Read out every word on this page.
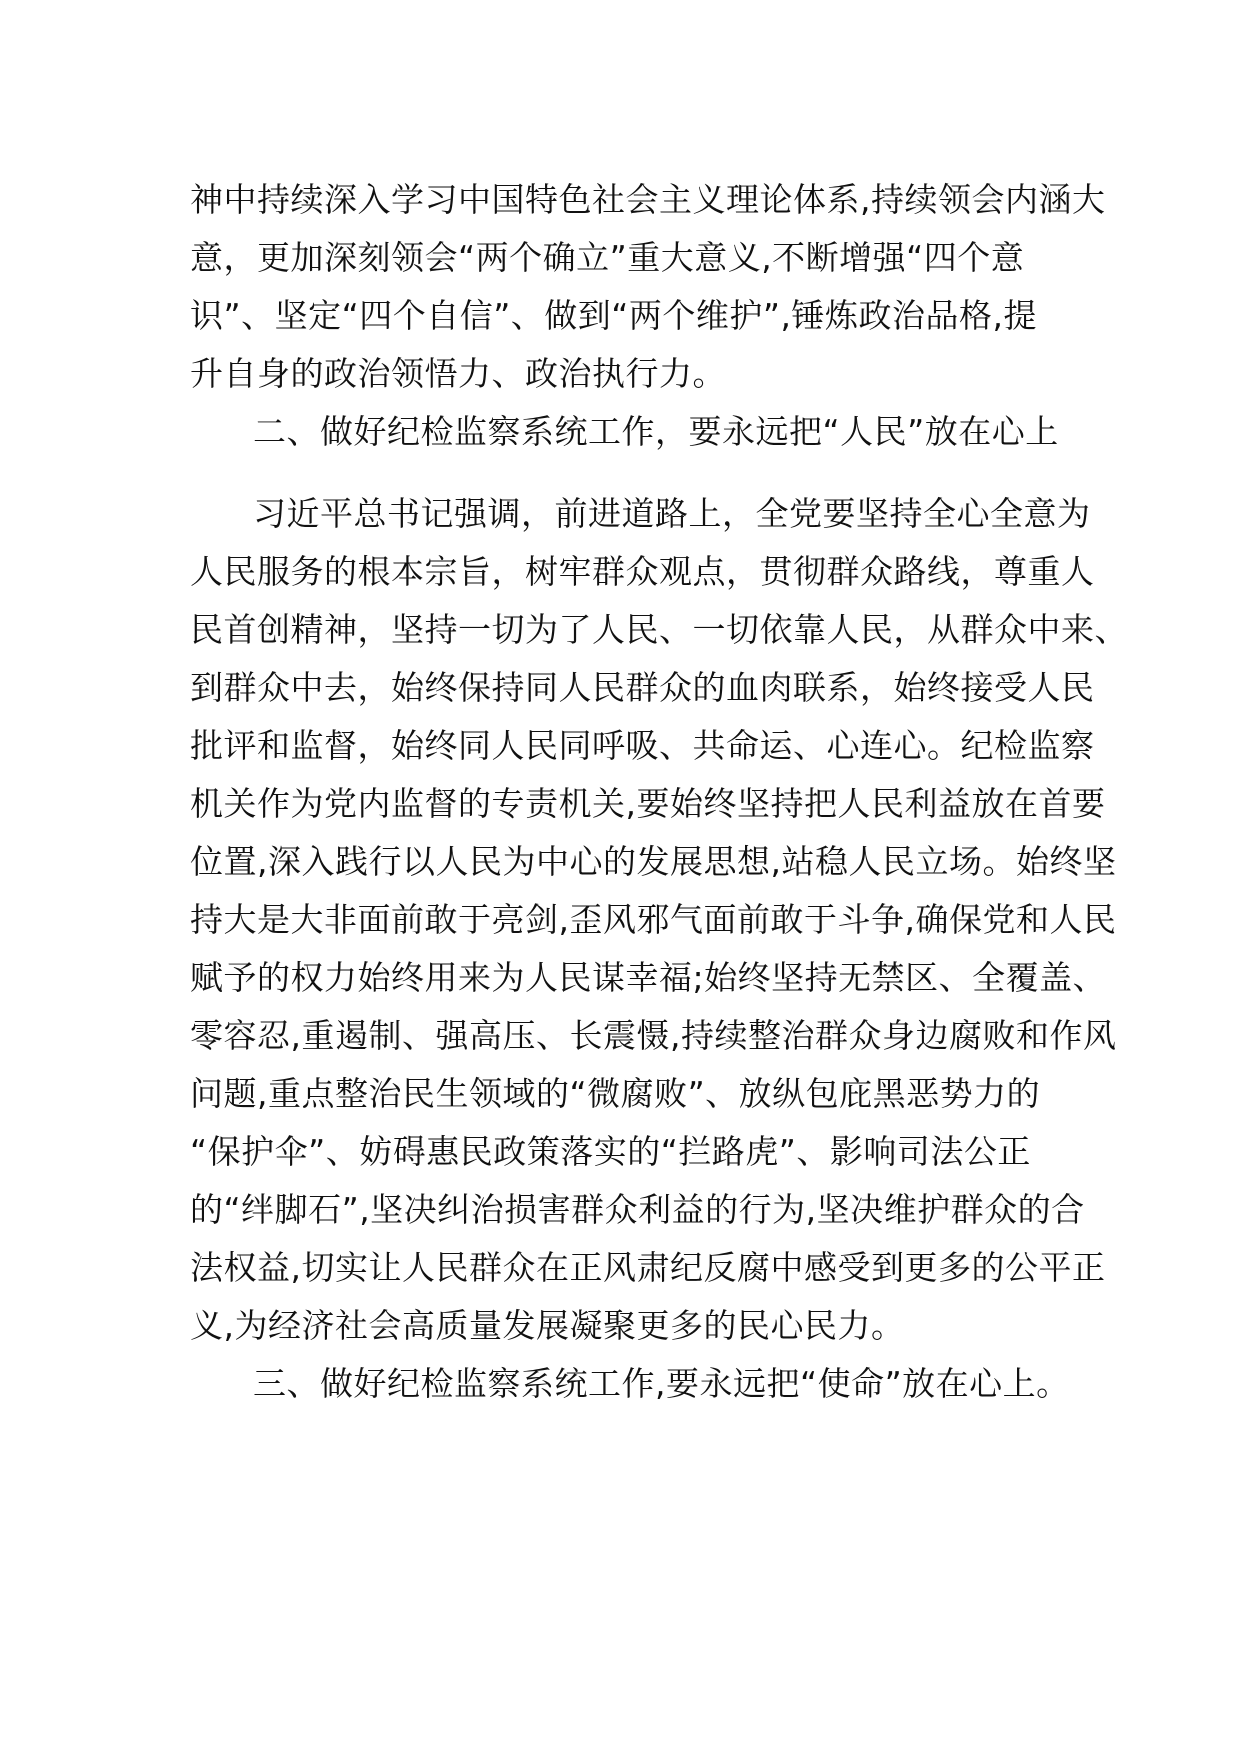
神中持续深入学习中国特色社会主义理论体系,持续领会内涵大
意，更加深刻领会“两个确立”重大意义,不断增强“四个意
识”、坚定“四个自信”、做到“两个维护”,锤炼政治品格,提
升自身的政治领悟力、政治执行力。
二、做好纪检监察系统工作，要永远把“人民”放在心上
习近平总书记强调，前进道路上，全党要坚持全心全意为
人民服务的根本宗旨，树牢群众观点，贯彻群众路线，尊重人
民首创精神，坚持一切为了人民、一切依靠人民，从群众中来、
到群众中去，始终保持同人民群众的血肉联系，始终接受人民
批评和监督，始终同人民同呼吸、共命运、心连心。纪检监察
机关作为党内监督的专责机关,要始终坚持把人民利益放在首要
位置,深入践行以人民为中心的发展思想,站稳人民立场。始终坚
持大是大非面前敢于亮剑,歪风邪气面前敢于斗争,确保党和人民
赋予的权力始终用来为人民谋幸福;始终坚持无禁区、全覆盖、
零容忍,重遏制、强高压、长震慑,持续整治群众身边腐败和作风
问题,重点整治民生领域的“微腐败”、放纵包庇黑恶势力的
“保护伞”、妨碍惠民政策落实的“拦路虎”、影响司法公正
的“绊脚石”,坚决纠治损害群众利益的行为,坚决维护群众的合
法权益,切实让人民群众在正风肃纪反腐中感受到更多的公平正
义,为经济社会高质量发展凝聚更多的民心民力。
三、做好纪检监察系统工作,要永远把“使命”放在心上。
